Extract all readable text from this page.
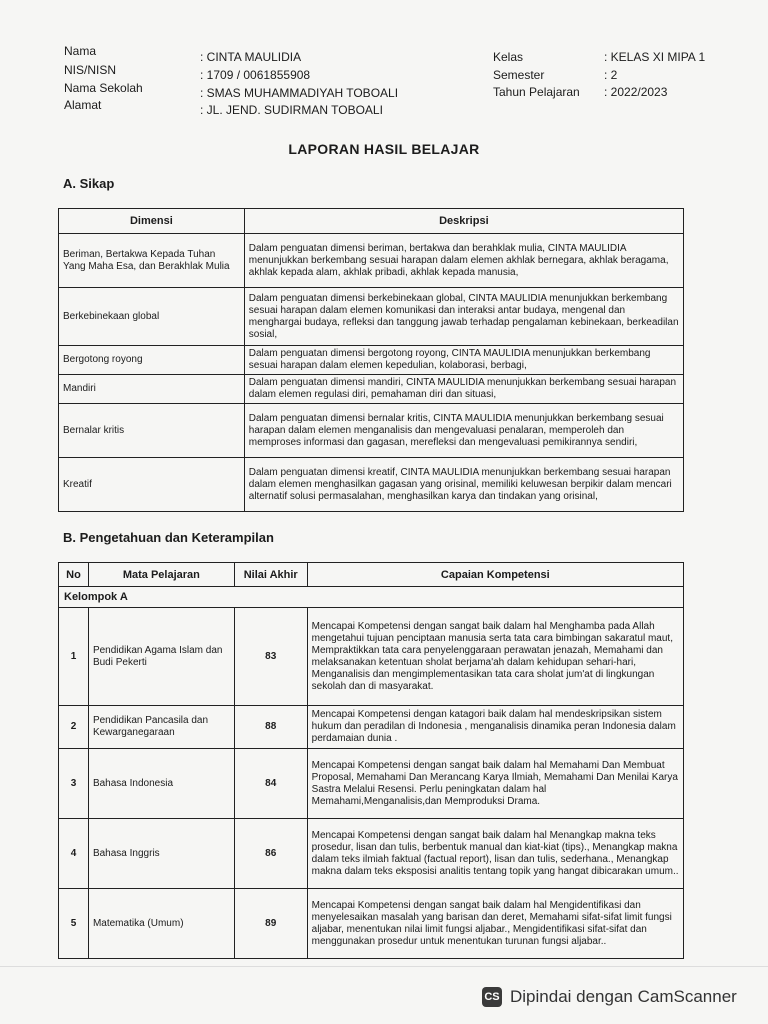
Nama	: CINTA MAULIDIA
NIS/NISN	: 1709 / 0061855908
Nama Sekolah	: SMAS MUHAMMADIYAH TOBOALI
Alamat	: JL. JEND. SUDIRMAN TOBOALI
Kelas	: KELAS XI MIPA 1
Semester	: 2
Tahun Pelajaran : 2022/2023
LAPORAN HASIL BELAJAR
A. Sikap
Dimensi	Deskripsi
Beriman, Bertakwa Kepada Tuhan Yang Maha Esa, dan Berakhlak Mulia	Dalam penguatan dimensi beriman, bertakwa dan berahklak mulia, CINTA MAULIDIA menunjukkan berkembang sesuai harapan dalam elemen akhlak bernegara, akhlak beragama, akhlak kepada alam, akhlak pribadi, akhlak kepada manusia,
Berkebinekaan global	Dalam penguatan dimensi berkebinekaan global, CINTA MAULIDIA menunjukkan berkembang sesuai harapan dalam elemen komunikasi dan interaksi antar budaya, mengenal dan menghargai budaya, refleksi dan tanggung jawab terhadap pengalaman kebinekaan, berkeadilan sosial,
Bergotong royong	Dalam penguatan dimensi bergotong royong, CINTA MAULIDIA menunjukkan berkembang sesuai harapan dalam elemen kepedulian, kolaborasi, berbagi,
Mandiri	Dalam penguatan dimensi mandiri, CINTA MAULIDIA menunjukkan berkembang sesuai harapan dalam elemen regulasi diri, pemahaman diri dan situasi,
Bernalar kritis	Dalam penguatan dimensi bernalar kritis, CINTA MAULIDIA menunjukkan berkembang sesuai harapan dalam elemen menganalisis dan mengevaluasi penalaran, memperoleh dan memproses informasi dan gagasan, merefleksi dan mengevaluasi pemikirannya sendiri,
Kreatif	Dalam penguatan dimensi kreatif, CINTA MAULIDIA menunjukkan berkembang sesuai harapan dalam elemen menghasilkan gagasan yang orisinal, memiliki keluwesan berpikir dalam mencari alternatif solusi permasalahan, menghasilkan karya dan tindakan yang orisinal,
B. Pengetahuan dan Keterampilan
No	Mata Pelajaran	Nilai Akhir	Capaian Kompetensi
Kelompok A			
1	Pendidikan Agama Islam dan Budi Pekerti	83	Mencapai Kompetensi dengan sangat baik dalam hal Menghamba pada Allah mengetahui tujuan penciptaan manusia serta tata cara bimbingan sakaratul maut, Mempraktikkan tata cara penyelenggaraan perawatan jenazah, Memahami dan melaksanakan ketentuan sholat berjama'ah dalam kehidupan sehari-hari, Menganalisis dan mengimplementasikan tata cara sholat jum'at di lingkungan sekolah dan di masyarakat.
2	Pendidikan Pancasila dan Kewarganegaraan	88	Mencapai Kompetensi dengan katagori baik dalam hal mendeskripsikan sistem hukum dan peradilan di Indonesia , menganalisis dinamika peran Indonesia dalam perdamaian dunia .
3	Bahasa Indonesia	84	Mencapai Kompetensi dengan sangat baik dalam hal Memahami Dan Membuat Proposal, Memahami Dan Merancang Karya Ilmiah, Memahami Dan Menilai Karya Sastra Melalui Resensi. Perlu peningkatan dalam hal Memahami,Menganalisis,dan Memproduksi Drama.
4	Bahasa Inggris	86	Mencapai Kompetensi dengan sangat baik dalam hal Menangkap makna teks prosedur, lisan dan tulis, berbentuk manual dan kiat-kiat (tips)., Menangkap makna dalam teks ilmiah faktual (factual report), lisan dan tulis, sederhana., Menangkap makna dalam teks eksposisi analitis tentang topik yang hangat dibicarakan umum..
5	Matematika (Umum)	89	Mencapai Kompetensi dengan sangat baik dalam hal Mengidentifikasi dan menyelesaikan masalah yang barisan dan deret, Memahami sifat-sifat limit fungsi aljabar, menentukan nilai limit fungsi aljabar., Mengidentifikasi sifat-sifat dan menggunakan prosedur untuk menentukan turunan fungsi aljabar..
CS Dipindai dengan CamScanner
